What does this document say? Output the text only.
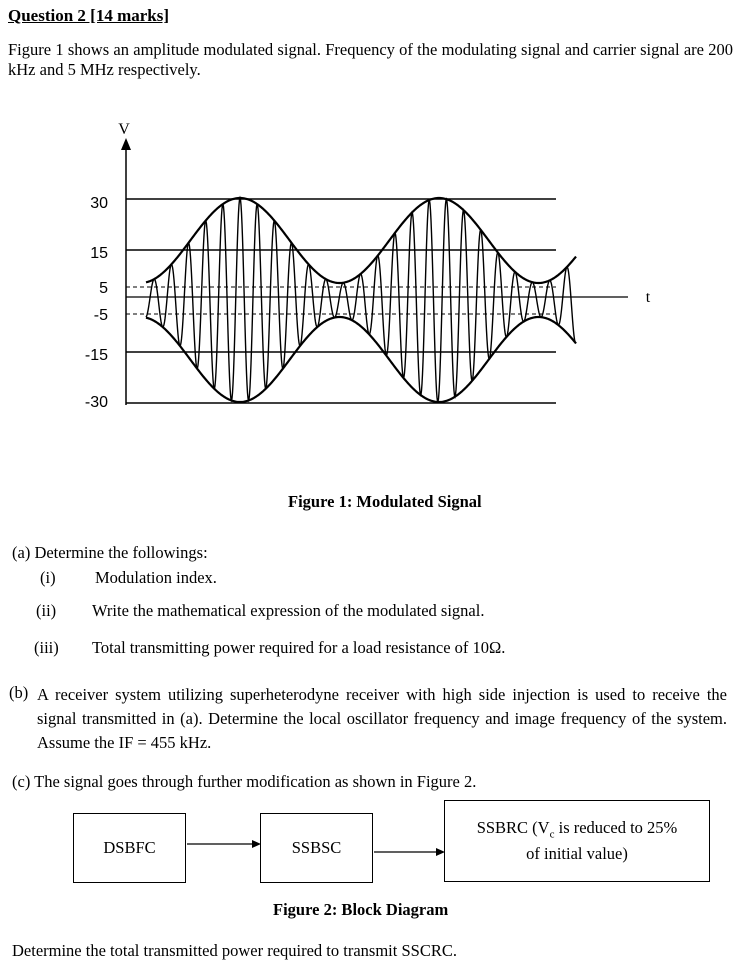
Question 2 [14 marks]
Figure 1 shows an amplitude modulated signal. Frequency of the modulating signal and carrier signal are 200 kHz and 5 MHz respectively.
V
t
30
15
5
-5
-15
-30
Figure 1: Modulated Signal
(a) Determine the followings:
(i) Modulation index.
(ii) Write the mathematical expression of the modulated signal.
(iii) Total transmitting power required for a load resistance of 10Ω.
(b) A receiver system utilizing superheterodyne receiver with high side injection is used to receive the signal transmitted in (a). Determine the local oscillator frequency and image frequency of the system. Assume the IF = 455 kHz.
(c) The signal goes through further modification as shown in Figure 2.
DSBFC	SSBSC
SSBRC ($V_c$ is reduced to 25%
of initial value)
Figure 2: Block Diagram
Determine the total transmitted power required to transmit SSCRC.
